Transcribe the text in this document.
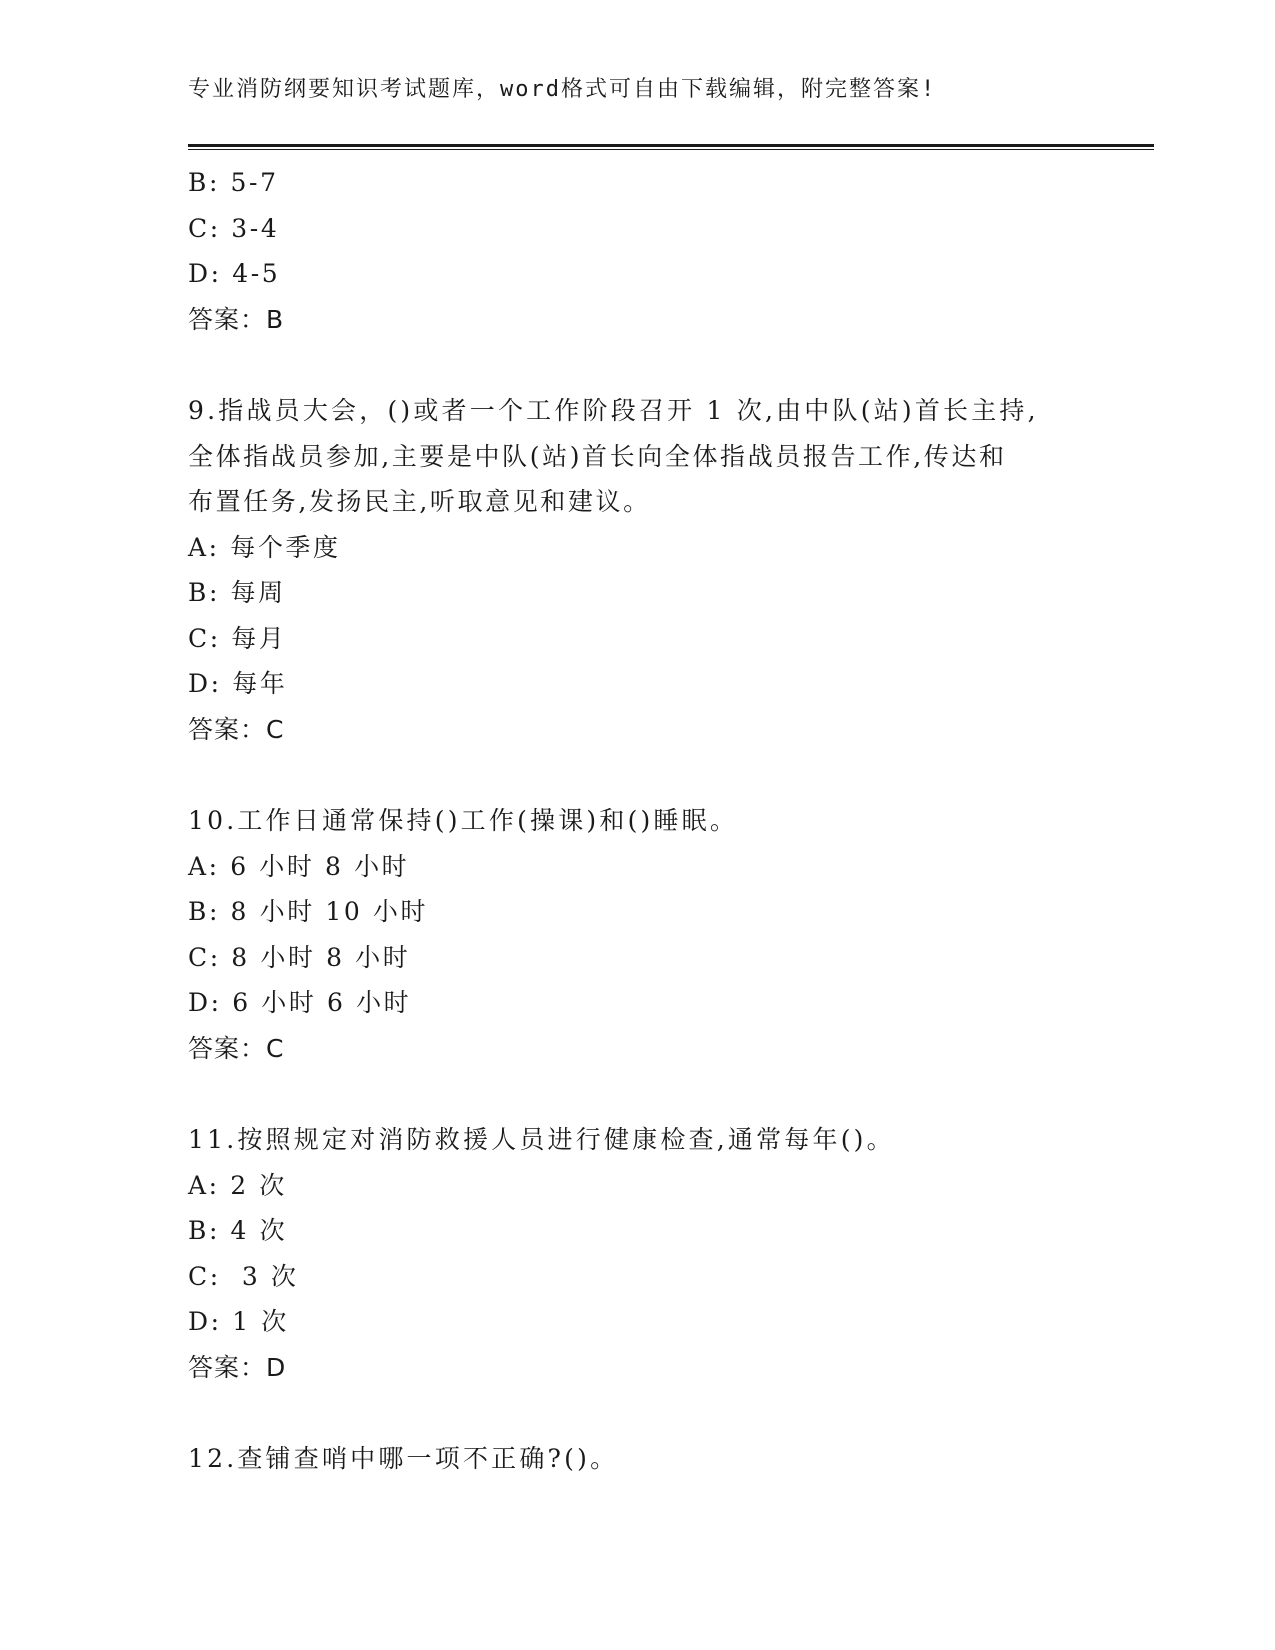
专业消防纲要知识考试题库，word格式可自由下载编辑，附完整答案!
B: 5-7
C: 3-4
D: 4-5
答案：B
9.指战员大会，()或者一个工作阶段召开 1 次,由中队(站)首长主持,
全体指战员参加,主要是中队(站)首长向全体指战员报告工作,传达和
布置任务,发扬民主,听取意见和建议。
A: 每个季度
B: 每周
C: 每月
D: 每年
答案：C
10.工作日通常保持()工作(操课)和()睡眠。
A: 6 小时 8 小时
B: 8 小时 10 小时
C: 8 小时 8 小时
D: 6 小时 6 小时
答案：C
11.按照规定对消防救援人员进行健康检查,通常每年()。
A: 2 次
B: 4 次
C:  3 次
D: 1 次
答案：D
12.查铺查哨中哪一项不正确?()。
